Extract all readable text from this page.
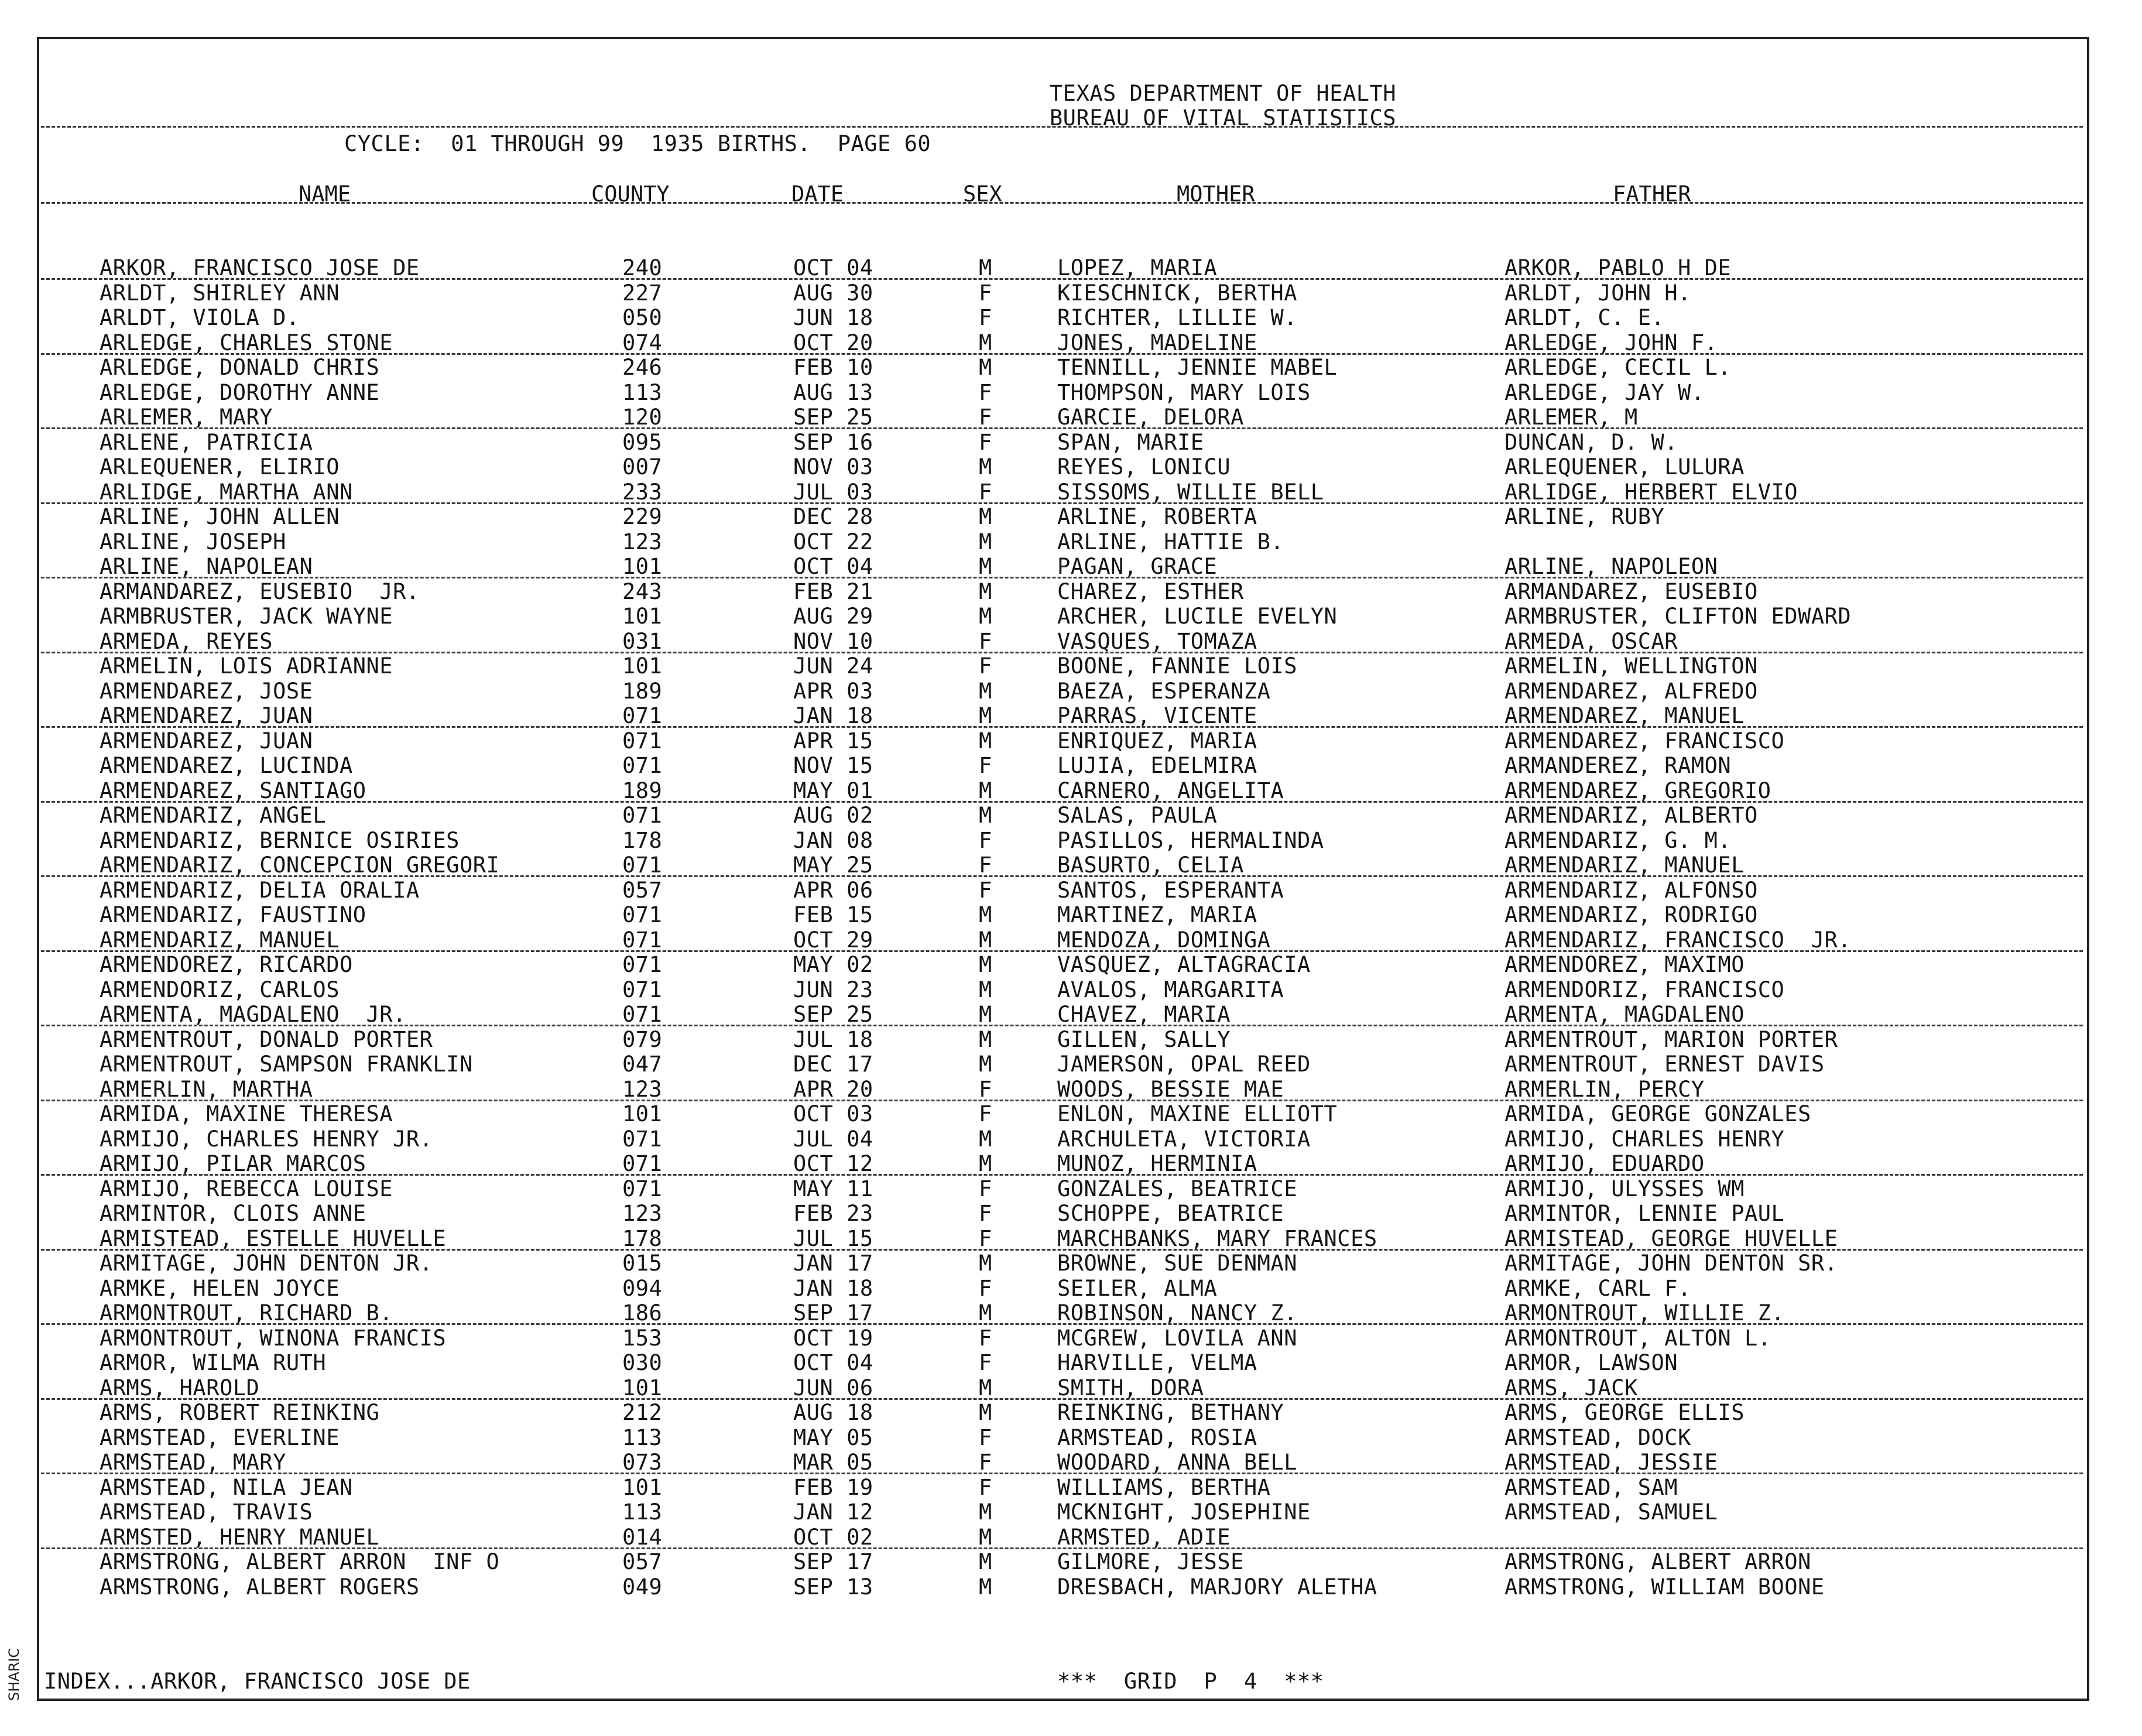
TEXAS DEPARTMENT OF HEALTH
BUREAU OF VITAL STATISTICS
CYCLE:  01 THROUGH 99  1935 BIRTHS.  PAGE 60
NAME	COUNTY	DATE	SEX	MOTHER	FATHER
ARKOR, FRANCISCO JOSE DE	240	OCT 04	M	LOPEZ, MARIA	ARKOR, PABLO H DE
ARLDT, SHIRLEY ANN	227	AUG 30	F	KIESCHNICK, BERTHA	ARLDT, JOHN H.
ARLDT, VIOLA D.	050	JUN 18	F	RICHTER, LILLIE W.	ARLDT, C. E.
ARLEDGE, CHARLES STONE	074	OCT 20	M	JONES, MADELINE	ARLEDGE, JOHN F.
ARLEDGE, DONALD CHRIS	246	FEB 10	M	TENNILL, JENNIE MABEL	ARLEDGE, CECIL L.
ARLEDGE, DOROTHY ANNE	113	AUG 13	F	THOMPSON, MARY LOIS	ARLEDGE, JAY W.
ARLEMER, MARY	120	SEP 25	F	GARCIE, DELORA	ARLEMER, M
ARLENE, PATRICIA	095	SEP 16	F	SPAN, MARIE	DUNCAN, D. W.
ARLEQUENER, ELIRIO	007	NOV 03	M	REYES, LONICU	ARLEQUENER, LULURA
ARLIDGE, MARTHA ANN	233	JUL 03	F	SISSOMS, WILLIE BELL	ARLIDGE, HERBERT ELVIO
ARLINE, JOHN ALLEN	229	DEC 28	M	ARLINE, ROBERTA	ARLINE, RUBY
ARLINE, JOSEPH	123	OCT 22	M	ARLINE, HATTIE B.
ARLINE, NAPOLEAN	101	OCT 04	M	PAGAN, GRACE	ARLINE, NAPOLEON
ARMANDAREZ, EUSEBIO  JR.	243	FEB 21	M	CHAREZ, ESTHER	ARMANDAREZ, EUSEBIO
ARMBRUSTER, JACK WAYNE	101	AUG 29	M	ARCHER, LUCILE EVELYN	ARMBRUSTER, CLIFTON EDWARD
ARMEDA, REYES	031	NOV 10	F	VASQUES, TOMAZA	ARMEDA, OSCAR
ARMELIN, LOIS ADRIANNE	101	JUN 24	F	BOONE, FANNIE LOIS	ARMELIN, WELLINGTON
ARMENDAREZ, JOSE	189	APR 03	M	BAEZA, ESPERANZA	ARMENDAREZ, ALFREDO
ARMENDAREZ, JUAN	071	JAN 18	M	PARRAS, VICENTE	ARMENDAREZ, MANUEL
ARMENDAREZ, JUAN	071	APR 15	M	ENRIQUEZ, MARIA	ARMENDAREZ, FRANCISCO
ARMENDAREZ, LUCINDA	071	NOV 15	F	LUJIA, EDELMIRA	ARMANDEREZ, RAMON
ARMENDAREZ, SANTIAGO	189	MAY 01	M	CARNERO, ANGELITA	ARMENDAREZ, GREGORIO
ARMENDARIZ, ANGEL	071	AUG 02	M	SALAS, PAULA	ARMENDARIZ, ALBERTO
ARMENDARIZ, BERNICE OSIRIES	178	JAN 08	F	PASILLOS, HERMALINDA	ARMENDARIZ, G. M.
ARMENDARIZ, CONCEPCION GREGORI	071	MAY 25	F	BASURTO, CELIA	ARMENDARIZ, MANUEL
ARMENDARIZ, DELIA ORALIA	057	APR 06	F	SANTOS, ESPERANTA	ARMENDARIZ, ALFONSO
ARMENDARIZ, FAUSTINO	071	FEB 15	M	MARTINEZ, MARIA	ARMENDARIZ, RODRIGO
ARMENDARIZ, MANUEL	071	OCT 29	M	MENDOZA, DOMINGA	ARMENDARIZ, FRANCISCO  JR.
ARMENDOREZ, RICARDO	071	MAY 02	M	VASQUEZ, ALTAGRACIA	ARMENDOREZ, MAXIMO
ARMENDORIZ, CARLOS	071	JUN 23	M	AVALOS, MARGARITA	ARMENDORIZ, FRANCISCO
ARMENTA, MAGDALENO  JR.	071	SEP 25	M	CHAVEZ, MARIA	ARMENTA, MAGDALENO
ARMENTROUT, DONALD PORTER	079	JUL 18	M	GILLEN, SALLY	ARMENTROUT, MARION PORTER
ARMENTROUT, SAMPSON FRANKLIN	047	DEC 17	M	JAMERSON, OPAL REED	ARMENTROUT, ERNEST DAVIS
ARMERLIN, MARTHA	123	APR 20	F	WOODS, BESSIE MAE	ARMERLIN, PERCY
ARMIDA, MAXINE THERESA	101	OCT 03	F	ENLON, MAXINE ELLIOTT	ARMIDA, GEORGE GONZALES
ARMIJO, CHARLES HENRY JR.	071	JUL 04	M	ARCHULETA, VICTORIA	ARMIJO, CHARLES HENRY
ARMIJO, PILAR MARCOS	071	OCT 12	M	MUNOZ, HERMINIA	ARMIJO, EDUARDO
ARMIJO, REBECCA LOUISE	071	MAY 11	F	GONZALES, BEATRICE	ARMIJO, ULYSSES WM
ARMINTOR, CLOIS ANNE	123	FEB 23	F	SCHOPPE, BEATRICE	ARMINTOR, LENNIE PAUL
ARMISTEAD, ESTELLE HUVELLE	178	JUL 15	F	MARCHBANKS, MARY FRANCES	ARMISTEAD, GEORGE HUVELLE
ARMITAGE, JOHN DENTON JR.	015	JAN 17	M	BROWNE, SUE DENMAN	ARMITAGE, JOHN DENTON SR.
ARMKE, HELEN JOYCE	094	JAN 18	F	SEILER, ALMA	ARMKE, CARL F.
ARMONTROUT, RICHARD B.	186	SEP 17	M	ROBINSON, NANCY Z.	ARMONTROUT, WILLIE Z.
ARMONTROUT, WINONA FRANCIS	153	OCT 19	F	MCGREW, LOVILA ANN	ARMONTROUT, ALTON L.
ARMOR, WILMA RUTH	030	OCT 04	F	HARVILLE, VELMA	ARMOR, LAWSON
ARMS, HAROLD	101	JUN 06	M	SMITH, DORA	ARMS, JACK
ARMS, ROBERT REINKING	212	AUG 18	M	REINKING, BETHANY	ARMS, GEORGE ELLIS
ARMSTEAD, EVERLINE	113	MAY 05	F	ARMSTEAD, ROSIA	ARMSTEAD, DOCK
ARMSTEAD, MARY	073	MAR 05	F	WOODARD, ANNA BELL	ARMSTEAD, JESSIE
ARMSTEAD, NILA JEAN	101	FEB 19	F	WILLIAMS, BERTHA	ARMSTEAD, SAM
ARMSTEAD, TRAVIS	113	JAN 12	M	MCKNIGHT, JOSEPHINE	ARMSTEAD, SAMUEL
ARMSTED, HENRY MANUEL	014	OCT 02	M	ARMSTED, ADIE
ARMSTRONG, ALBERT ARRON  INF O	057	SEP 17	M	GILMORE, JESSE	ARMSTRONG, ALBERT ARRON
ARMSTRONG, ALBERT ROGERS	049	SEP 13	M	DRESBACH, MARJORY ALETHA	ARMSTRONG, WILLIAM BOONE
INDEX...ARKOR, FRANCISCO JOSE DE	***  GRID  P  4  ***
SHARIC
